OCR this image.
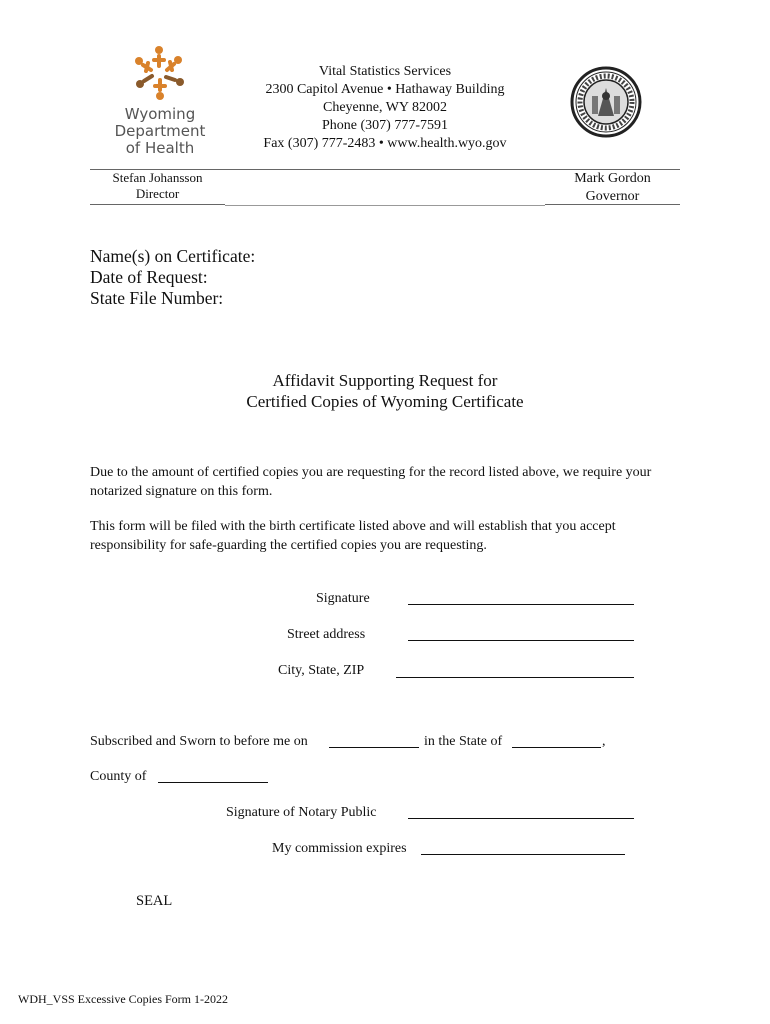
Wyoming
Department
of Health
Vital Statistics Services
2300 Capitol Avenue • Hathaway Building
Cheyenne, WY 82002
Phone (307) 777-7591
Fax (307) 777-2483 • www.health.wyo.gov
Stefan Johansson
Director
Mark Gordon
Governor
Name(s) on Certificate:
Date of Request:
State File Number:
Affidavit Supporting Request for
Certified Copies of Wyoming Certificate
Due to the amount of certified copies you are requesting for the record listed above, we require your notarized signature on this form.
This form will be filed with the birth certificate listed above and will establish that you accept responsibility for safe-guarding the certified copies you are requesting.
Signature
Street address
City, State, ZIP
Subscribed and Sworn to before me on	in the State of	,
County of
Signature of Notary Public
My commission expires
SEAL
WDH_VSS Excessive Copies Form 1-2022
